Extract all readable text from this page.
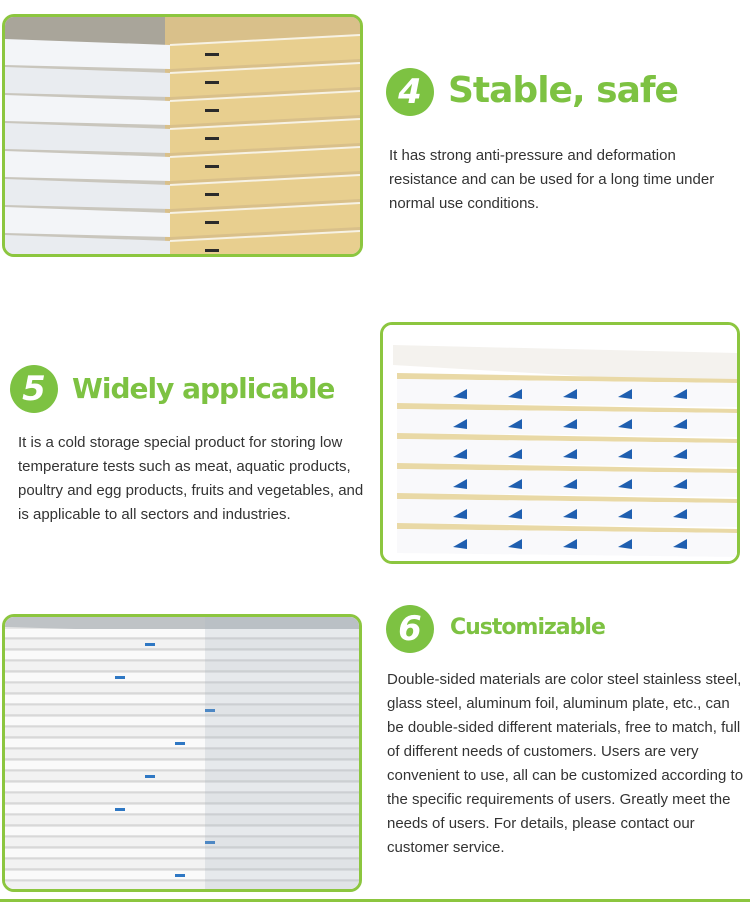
4 Stable, safe
It has strong anti-pressure and deformation resistance and can be used for a long time under normal use conditions.
5 Widely applicable
It is a cold storage special product for storing low temperature tests such as meat, aquatic products, poultry and egg products, fruits and vegetables, and is applicable to all sectors and industries.
6	Customizable
Double-sided materials are color steel stainless steel, glass steel, aluminum foil, aluminum plate, etc., can be double-sided different materials, free to match, full of different needs of customers. Users are very convenient to use, all can be customized according to the specific requirements of users. Greatly meet the needs of users. For details, please contact our customer service.
